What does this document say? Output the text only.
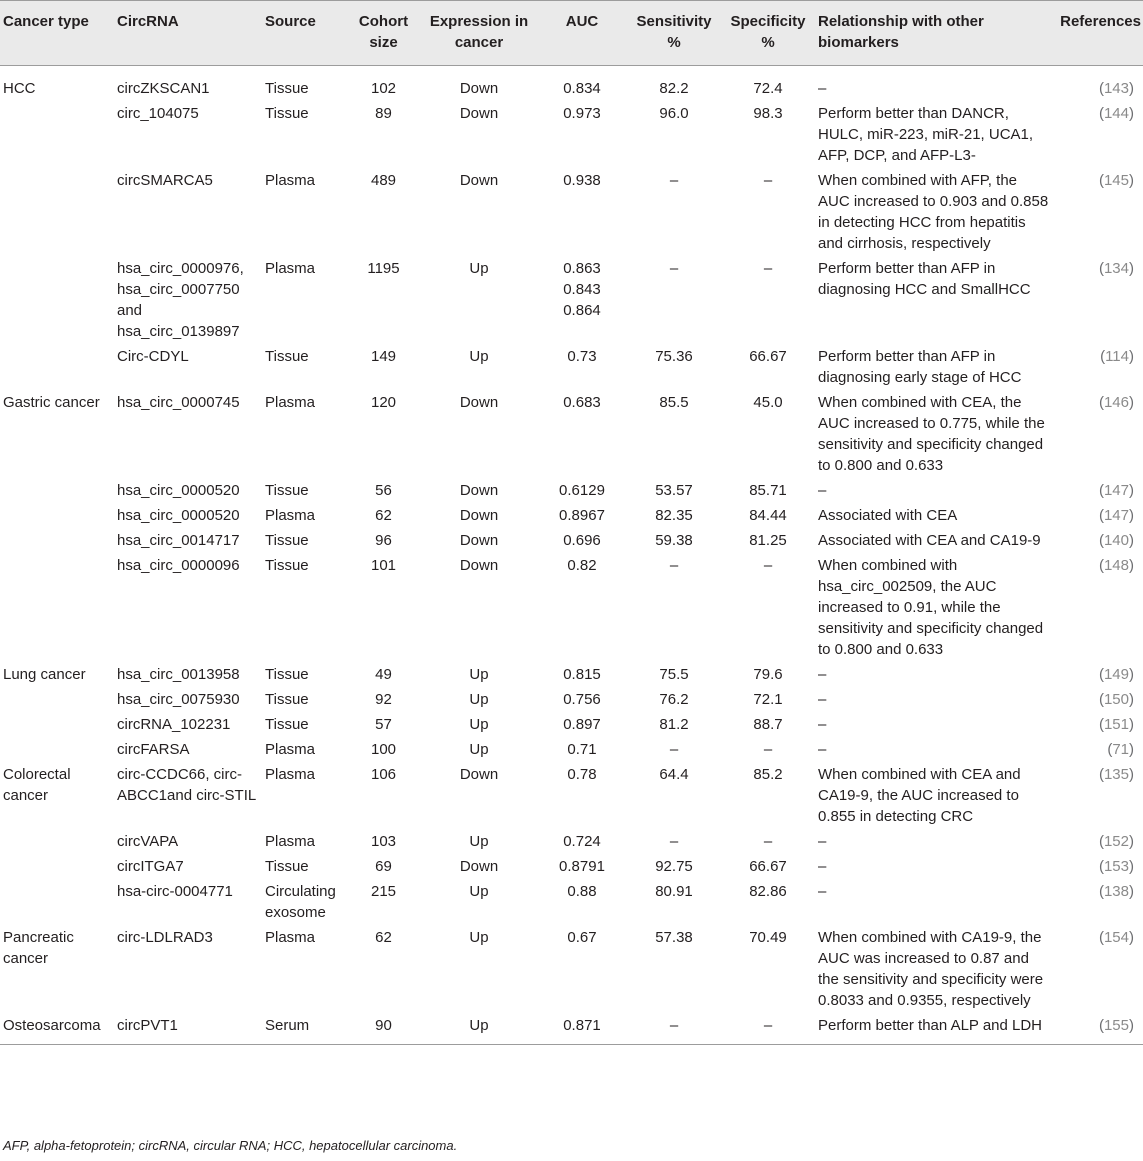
Cancer type	CircRNA	Source	Cohort size	Expression in cancer	AUC	Sensitivity %	Specificity %	Relationship with other biomarkers	References
HCC	circZKSCAN1	Tissue	102	Down	0.834	82.2	72.4	–	(143)
	circ_104075	Tissue	89	Down	0.973	96.0	98.3	Perform better than DANCR, HULC, miR-223, miR-21, UCA1, AFP, DCP, and AFP-L3-	(144)
	circSMARCA5	Plasma	489	Down	0.938	–	–	When combined with AFP, the AUC increased to 0.903 and 0.858 in detecting HCC from hepatitis and cirrhosis, respectively	(145)
	hsa_circ_0000976, hsa_circ_0007750 and hsa_circ_0139897	Plasma	1195	Up	0.863
0.843
0.864	–	–	Perform better than AFP in diagnosing HCC and SmallHCC	(134)
	Circ-CDYL	Tissue	149	Up	0.73	75.36	66.67	Perform better than AFP in diagnosing early stage of HCC	(114)
Gastric cancer	hsa_circ_0000745	Plasma	120	Down	0.683	85.5	45.0	When combined with CEA, the AUC increased to 0.775, while the sensitivity and specificity changed to 0.800 and 0.633	(146)
	hsa_circ_0000520	Tissue	56	Down	0.6129	53.57	85.71	–	(147)
	hsa_circ_0000520	Plasma	62	Down	0.8967	82.35	84.44	Associated with CEA	(147)
	hsa_circ_0014717	Tissue	96	Down	0.696	59.38	81.25	Associated with CEA and CA19-9	(140)
	hsa_circ_0000096	Tissue	101	Down	0.82	–	–	When combined with hsa_circ_002509, the AUC increased to 0.91, while the sensitivity and specificity changed to 0.800 and 0.633	(148)
Lung cancer	hsa_circ_0013958	Tissue	49	Up	0.815	75.5	79.6	–	(149)
	hsa_circ_0075930	Tissue	92	Up	0.756	76.2	72.1	–	(150)
	circRNA_102231	Tissue	57	Up	0.897	81.2	88.7	–	(151)
	circFARSA	Plasma	100	Up	0.71	–	–	–	(71)
Colorectal cancer	circ-CCDC66, circ-ABCC1and circ-STIL	Plasma	106	Down	0.78	64.4	85.2	When combined with CEA and CA19-9, the AUC increased to 0.855 in detecting CRC	(135)
	circVAPA	Plasma	103	Up	0.724	–	–	–	(152)
	circITGA7	Tissue	69	Down	0.8791	92.75	66.67	–	(153)
	hsa-circ-0004771	Circulating exosome	215	Up	0.88	80.91	82.86	–	(138)
Pancreatic cancer	circ-LDLRAD3	Plasma	62	Up	0.67	57.38	70.49	When combined with CA19-9, the AUC was increased to 0.87 and the sensitivity and specificity were 0.8033 and 0.9355, respectively	(154)
Osteosarcoma	circPVT1	Serum	90	Up	0.871	–	–	Perform better than ALP and LDH	(155)
AFP, alpha-fetoprotein; circRNA, circular RNA; HCC, hepatocellular carcinoma.
